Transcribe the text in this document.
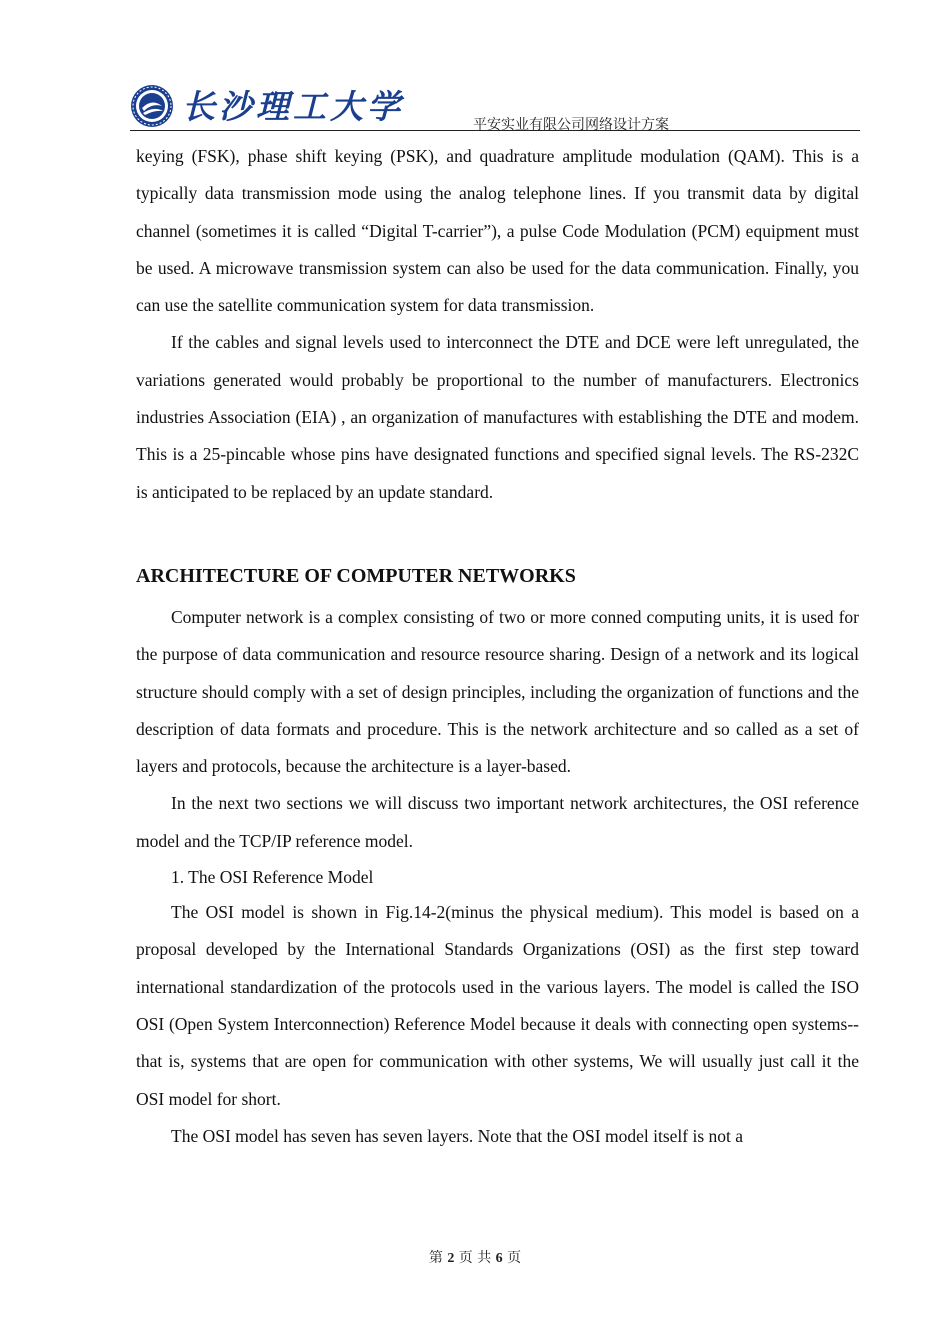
长沙理工大学	平安实业有限公司网络设计方案

keying (FSK), phase shift keying (PSK), and quadrature amplitude modulation (QAM). This is a typically data transmission mode using the analog telephone lines. If you transmit data by digital channel (sometimes it is called “Digital T-carrier”), a pulse Code Modulation (PCM) equipment must be used. A microwave transmission system can also be used for the data communication. Finally, you can use the satellite communication system for data transmission.

If the cables and signal levels used to interconnect the DTE and DCE were left unregulated, the variations generated would probably be proportional to the number of manufacturers. Electronics industries Association (EIA) , an organization of manufactures with establishing the DTE and modem. This is a 25-pincable whose pins have designated functions and specified signal levels. The RS-232C is anticipated to be replaced by an update standard.

ARCHITECTURE OF COMPUTER NETWORKS

Computer network is a complex consisting of two or more conned computing units, it is used for the purpose of data communication and resource resource sharing. Design of a network and its logical structure should comply with a set of design principles, including the organization of functions and the description of data formats and procedure. This is the network architecture and so called as a set of layers and protocols, because the architecture is a layer-based.

In the next two sections we will discuss two important network architectures, the OSI reference model and the TCP/IP reference model.

1. The OSI Reference Model

The OSI model is shown in Fig.14-2(minus the physical medium). This model is based on a proposal developed by the International Standards Organizations (OSI) as the first step toward international standardization of the protocols used in the various layers. The model is called the ISO OSI (Open System Interconnection) Reference Model because it deals with connecting open systems--that is, systems that are open for communication with other systems, We will usually just call it the OSI model for short.

The OSI model has seven has seven layers. Note that the OSI model itself is not a

第 2 页 共 6 页
